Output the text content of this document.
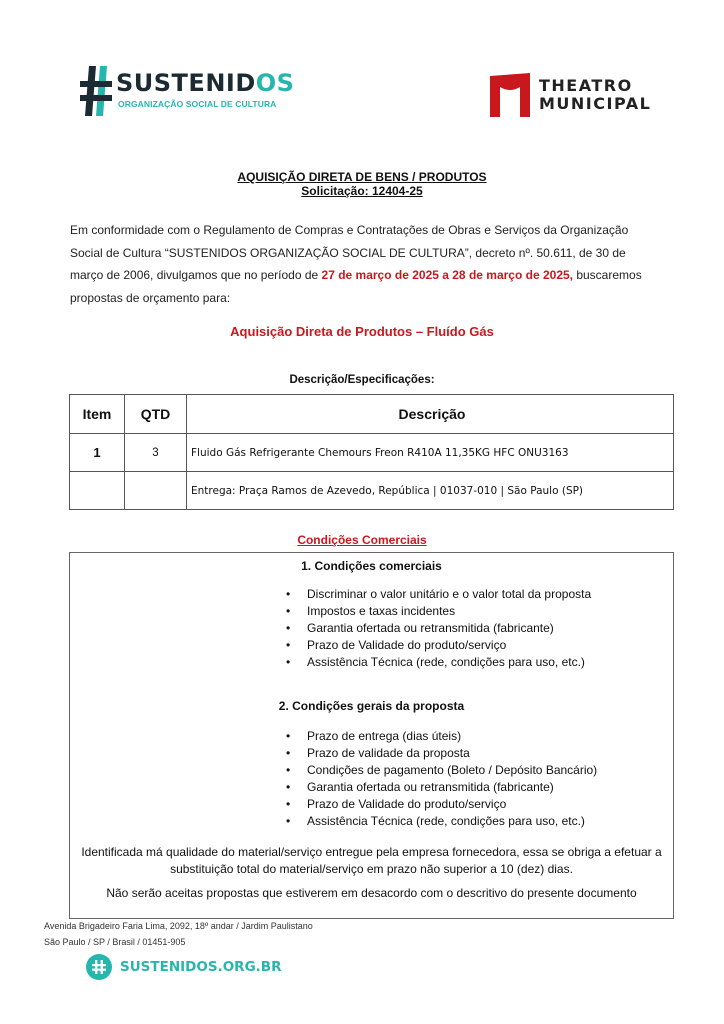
SUSTENIDOS
ORGANIZAÇÃO SOCIAL DE CULTURA
THEATRO
MUNICIPAL
AQUISIÇÃO DIRETA DE BENS / PRODUTOS
Solicitação: 12404-25

Em conformidade com o Regulamento de Compras e Contratações de Obras e Serviços da Organização Social de Cultura “SUSTENIDOS ORGANIZAÇÃO SOCIAL DE CULTURA”, decreto nº. 50.611, de 30 de março de 2006, divulgamos que no período de 27 de março de 2025 a 28 de março de 2025, buscaremos propostas de orçamento para:

Aquisição Direta de Produtos – Fluído Gás
Descrição/Especificações:
Item	QTD	Descrição
1	3	Fluido Gás Refrigerante Chemours Freon R410A 11,35KG HFC ONU3163
		Entrega: Praça Ramos de Azevedo, República | 01037-010 | São Paulo (SP)
Condições Comerciais
1. Condições comerciais
• Discriminar o valor unitário e o valor total da proposta
• Impostos e taxas incidentes
• Garantia ofertada ou retransmitida (fabricante)
• Prazo de Validade do produto/serviço
• Assistência Técnica (rede, condições para uso, etc.)
2. Condições gerais da proposta
• Prazo de entrega (dias úteis)
• Prazo de validade da proposta
• Condições de pagamento (Boleto / Depósito Bancário)
• Garantia ofertada ou retransmitida (fabricante)
• Prazo de Validade do produto/serviço
• Assistência Técnica (rede, condições para uso, etc.)
Identificada má qualidade do material/serviço entregue pela empresa fornecedora, essa se obriga a efetuar a substituição total do material/serviço em prazo não superior a 10 (dez) dias.
Não serão aceitas propostas que estiverem em desacordo com o descritivo do presente documento
Avenida Brigadeiro Faria Lima, 2092, 18º andar / Jardim Paulistano
São Paulo / SP / Brasil / 01451-905
SUSTENIDOS.ORG.BR
